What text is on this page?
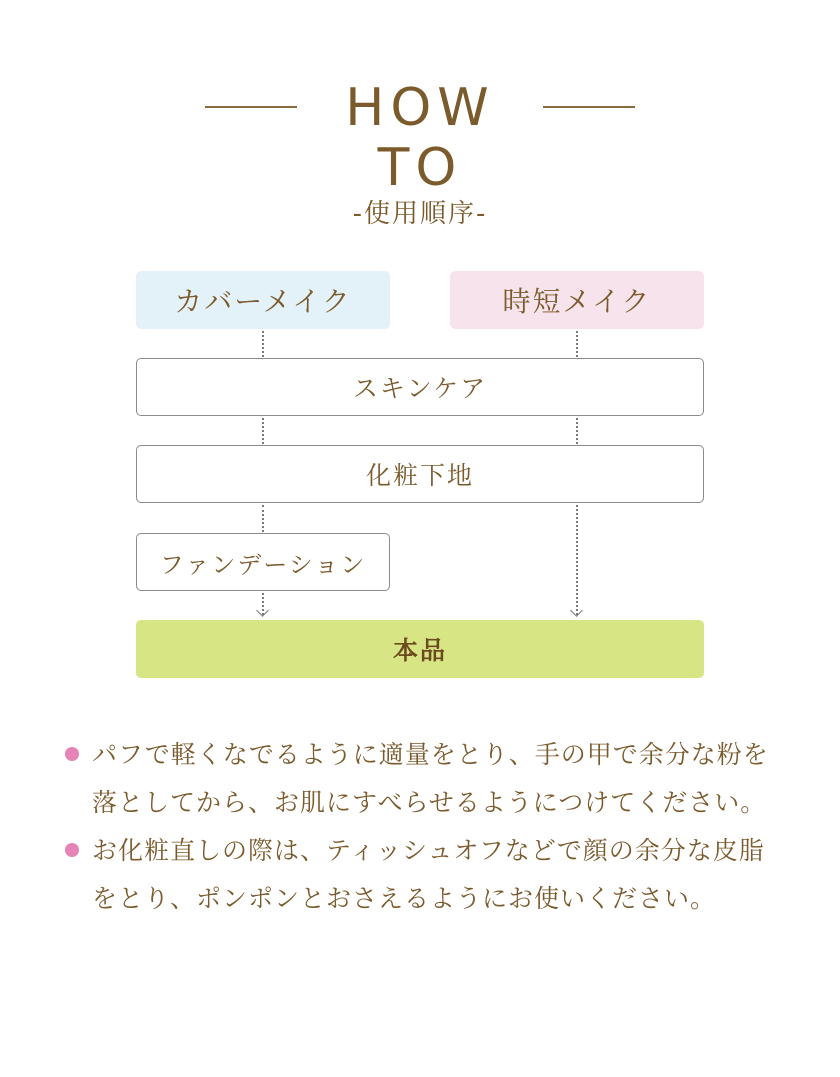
HOW TO
-使用順序-
カバーメイク	時短メイク
スキンケア
化粧下地
ファンデーション
本品
パフで軽くなでるように適量をとり、手の甲で余分な粉を
落としてから、お肌にすべらせるようにつけてください。
お化粧直しの際は、ティッシュオフなどで顔の余分な皮脂
をとり、ポンポンとおさえるようにお使いください。
